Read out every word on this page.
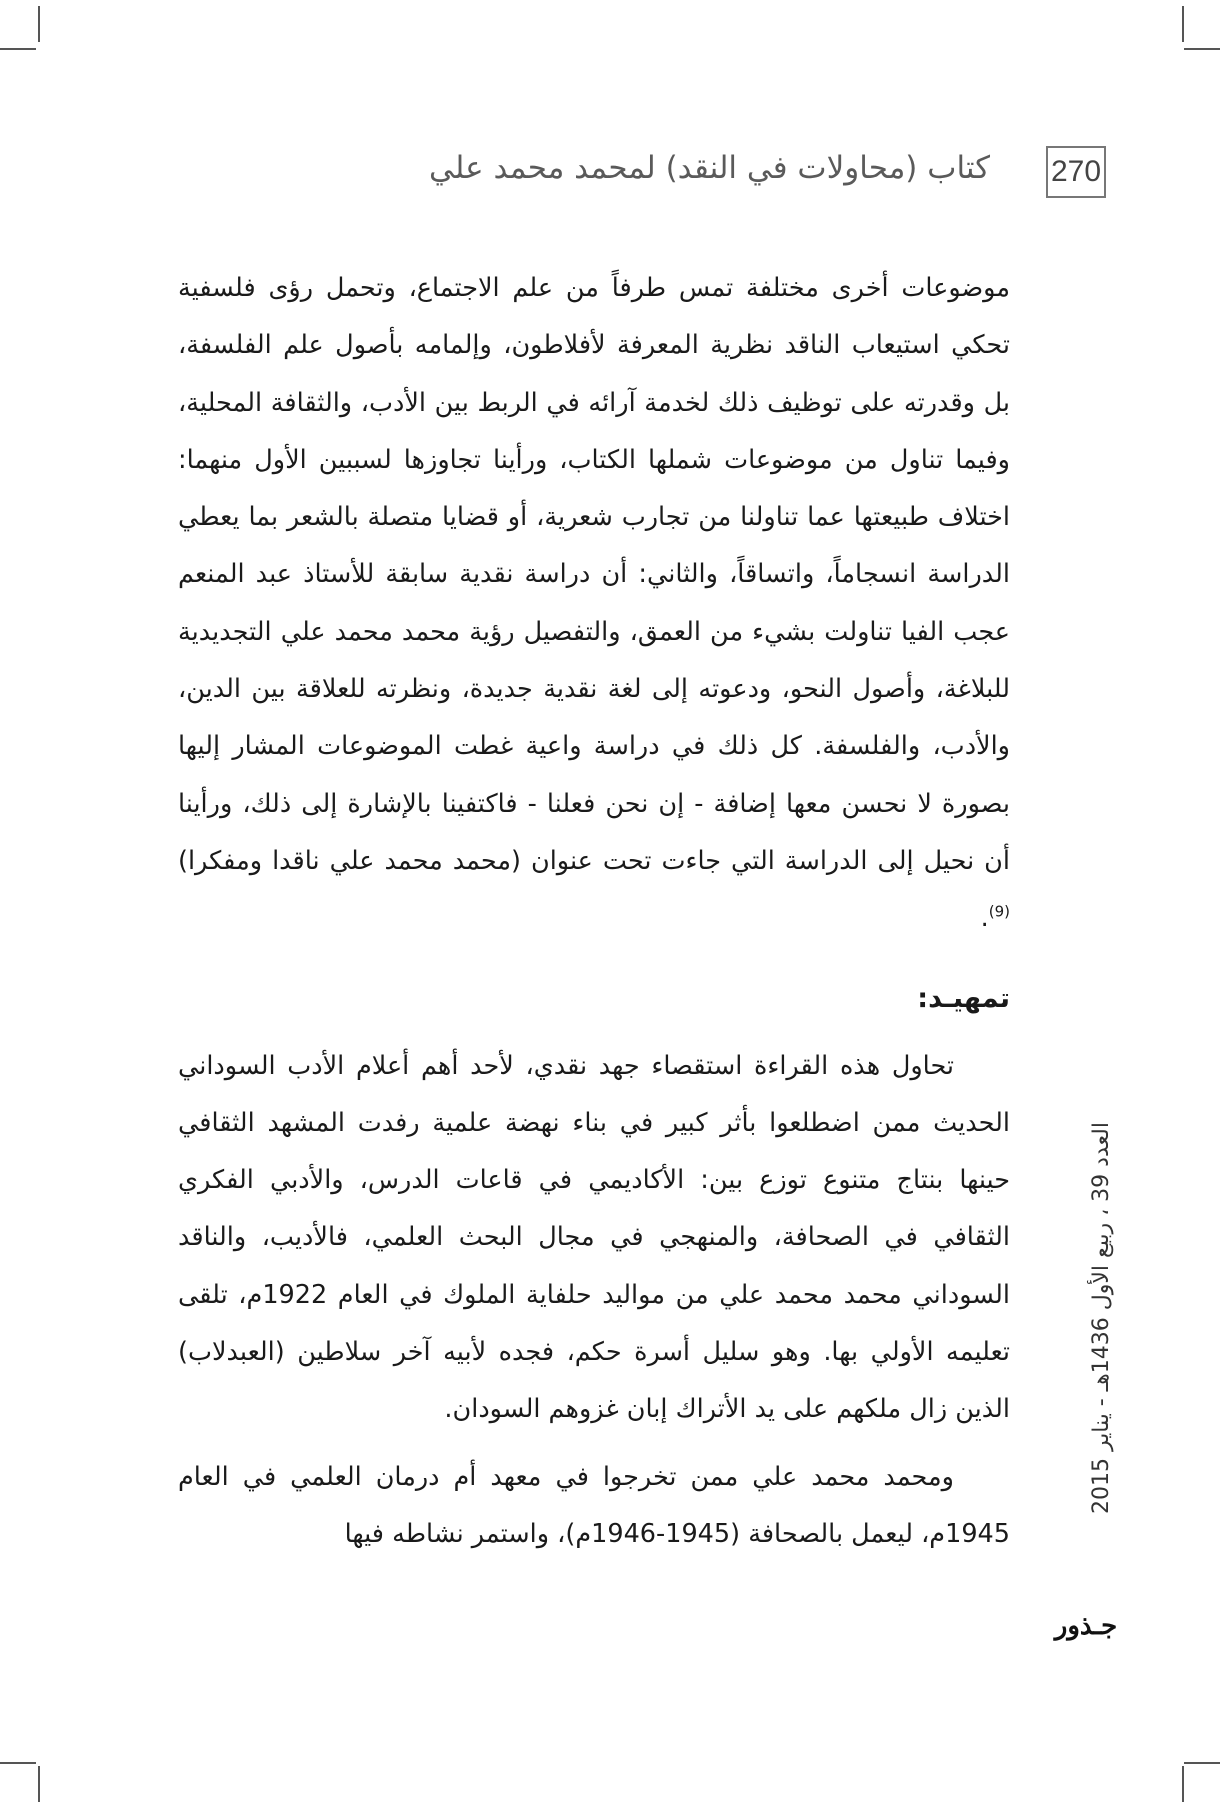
270
كتاب (محاولات في النقد) لمحمد محمد علي

موضوعات أخرى مختلفة تمس طرفاً من علم الاجتماع، وتحمل رؤى فلسفية تحكي استيعاب الناقد نظرية المعرفة لأفلاطون، وإلمامه بأصول علم الفلسفة، بل وقدرته على توظيف ذلك لخدمة آرائه في الربط بين الأدب، والثقافة المحلية، وفيما تناول من موضوعات شملها الكتاب، ورأينا تجاوزها لسببين الأول منهما: اختلاف طبيعتها عما تناولنا من تجارب شعرية، أو قضايا متصلة بالشعر بما يعطي الدراسة انسجاماً، واتساقاً، والثاني: أن دراسة نقدية سابقة للأستاذ عبد المنعم عجب الفيا تناولت بشيء من العمق، والتفصيل رؤية محمد محمد علي التجديدية للبلاغة، وأصول النحو، ودعوته إلى لغة نقدية جديدة، ونظرته للعلاقة بين الدين، والأدب، والفلسفة. كل ذلك في دراسة واعية غطت الموضوعات المشار إليها بصورة لا نحسن معها إضافة - إن نحن فعلنا - فاكتفينا بالإشارة إلى ذلك، ورأينا أن نحيل إلى الدراسة التي جاءت تحت عنوان (محمد محمد علي ناقدا ومفكرا)$^{(9)}$.

تمهيـد:

تحاول هذه القراءة استقصاء جهد نقدي، لأحد أهم أعلام الأدب السوداني الحديث ممن اضطلعوا بأثر كبير في بناء نهضة علمية رفدت المشهد الثقافي حينها بنتاج متنوع توزع بين: الأكاديمي في قاعات الدرس، والأدبي الفكري الثقافي في الصحافة، والمنهجي في مجال البحث العلمي، فالأديب، والناقد السوداني محمد محمد علي من مواليد حلفاية الملوك في العام 1922م، تلقى تعليمه الأولي بها. وهو سليل أسرة حكم، فجده لأبيه آخر سلاطين (العبدلاب) الذين زال ملكهم على يد الأتراك إبان غزوهم السودان.

ومحمد محمد علي ممن تخرجوا في معهد أم درمان العلمي في العام 1945م، ليعمل بالصحافة (1945-1946م)، واستمر نشاطه فيها

العدد 39 ، ربيع الأول 1436هـ - يناير 2015
جـذور
